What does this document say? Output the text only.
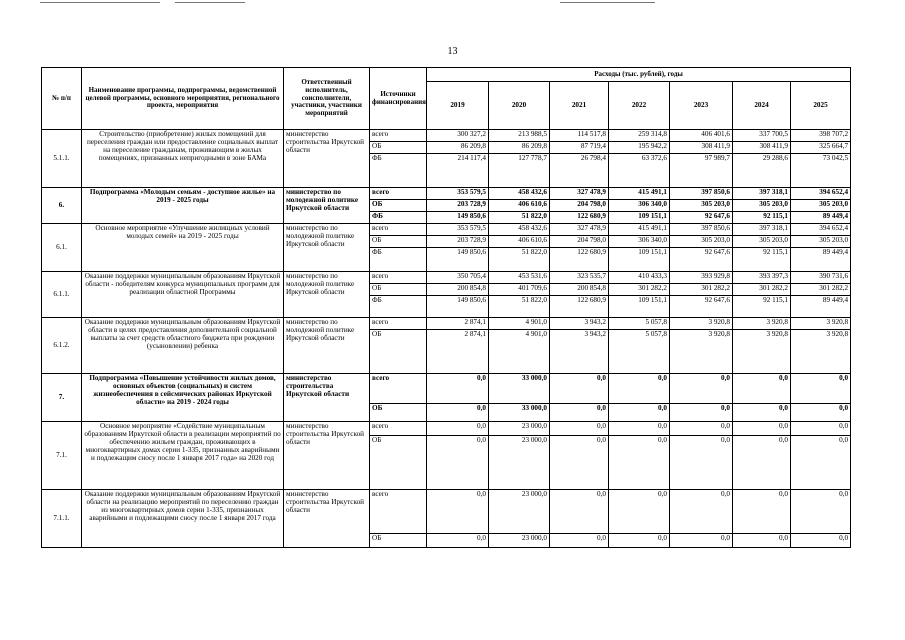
13
№ п/п	Наименование программы, подпрограммы, ведомственной целевой программы, основного мероприятия, регионального проекта, мероприятия	Ответственный исполнитель, соисполнители, участники, участники мероприятий	Источники финансирования	Расходы (тыс. рублей), годы						
				2019	2020	2021	2022	2023	2024	2025
5.1.1.	Строительство (приобретение) жилых помещений для переселения граждан или предоставление социальных выплат на переселение гражданам, проживающим в жилых помещениях, признанных непригодными в зоне БАМа	министерство строительства Иркутской области	всего	300 327,2	213 988,5	114 517,8	259 314,8	406 401,6	337 700,5	398 707,2
			ОБ	86 209,8	86 209,8	87 719,4	195 942,2	308 411,9	308 411,9	325 664,7
			ФБ	214 117,4	127 778,7	26 798,4	63 372,6	97 989,7	29 288,6	73 042,5
6.	Подпрограмма «Молодым семьям - доступное жилье» на 2019 - 2025 годы	министерство по молодежной политике Иркутской области	всего	353 579,5	458 432,6	327 478,9	415 491,1	397 850,6	397 318,1	394 652,4
			ОБ	203 728,9	406 610,6	204 798,0	306 340,0	305 203,0	305 203,0	305 203,0
			ФБ	149 850,6	51 822,0	122 680,9	109 151,1	92 647,6	92 115,1	89 449,4
6.1.	Основное мероприятие «Улучшение жилищных условий молодых семей» на 2019 - 2025 годы	министерство по молодежной политике Иркутской области	всего	353 579,5	458 432,6	327 478,9	415 491,1	397 850,6	397 318,1	394 652,4
			ОБ	203 728,9	406 610,6	204 798,0	306 340,0	305 203,0	305 203,0	305 203,0
			ФБ	149 850,6	51 822,0	122 680,9	109 151,1	92 647,6	92 115,1	89 449,4
6.1.1.	Оказание поддержки муниципальным образованиям Иркутской области - победителям конкурса муниципальных программ для реализации областной Программы	министерство по молодежной политике Иркутской области	всего	350 705,4	453 531,6	323 535,7	410 433,3	393 929,8	393 397,3	390 731,6
			ОБ	200 854,8	401 709,6	200 854,8	301 282,2	301 282,2	301 282,2	301 282,2
			ФБ	149 850,6	51 822,0	122 680,9	109 151,1	92 647,6	92 115,1	89 449,4
6.1.2.	Оказание поддержки муниципальным образованиям Иркутской области в целях предоставления дополнительной социальной выплаты за счет средств областного бюджета при рождении (усыновлении) ребенка	министерство по молодежной политике Иркутской области	всего	2 874,1	4 901,0	3 943,2	5 057,8	3 920,8	3 920,8	3 920,8
			ОБ	2 874,1	4 901,0	3 943,2	5 057,8	3 920,8	3 920,8	3 920,8
7.	Подпрограмма «Повышение устойчивости жилых домов, основных объектов (социальных) и систем жизнеобеспечения в сейсмических районах Иркутской области» на 2019 - 2024 годы	министерство строительства Иркутской области	всего	0,0	33 000,0	0,0	0,0	0,0	0,0	0,0
			ОБ	0,0	33 000,0	0,0	0,0	0,0	0,0	0,0
7.1.	Основное мероприятие «Содействие муниципальным образованиям Иркутской области в реализации мероприятий по обеспечению жильем граждан, проживающих в многоквартирных домах серии 1-335, признанных аварийными и подлежащим сносу после 1 января 2017 года» на 2020 год	министерство строительства Иркутской области	всего	0,0	23 000,0	0,0	0,0	0,0	0,0	0,0
			ОБ	0,0	23 000,0	0,0	0,0	0,0	0,0	0,0
7.1.1.	Оказание поддержки муниципальным образованиям Иркутской области на реализацию мероприятий по переселению граждан из многоквартирных домов серии 1-335, признанных аварийными и подлежащими сносу после 1 января 2017 года	министерство строительства Иркутской области	всего	0,0	23 000,0	0,0	0,0	0,0	0,0	0,0
			ОБ	0,0	23 000,0	0,0	0,0	0,0	0,0	0,0
